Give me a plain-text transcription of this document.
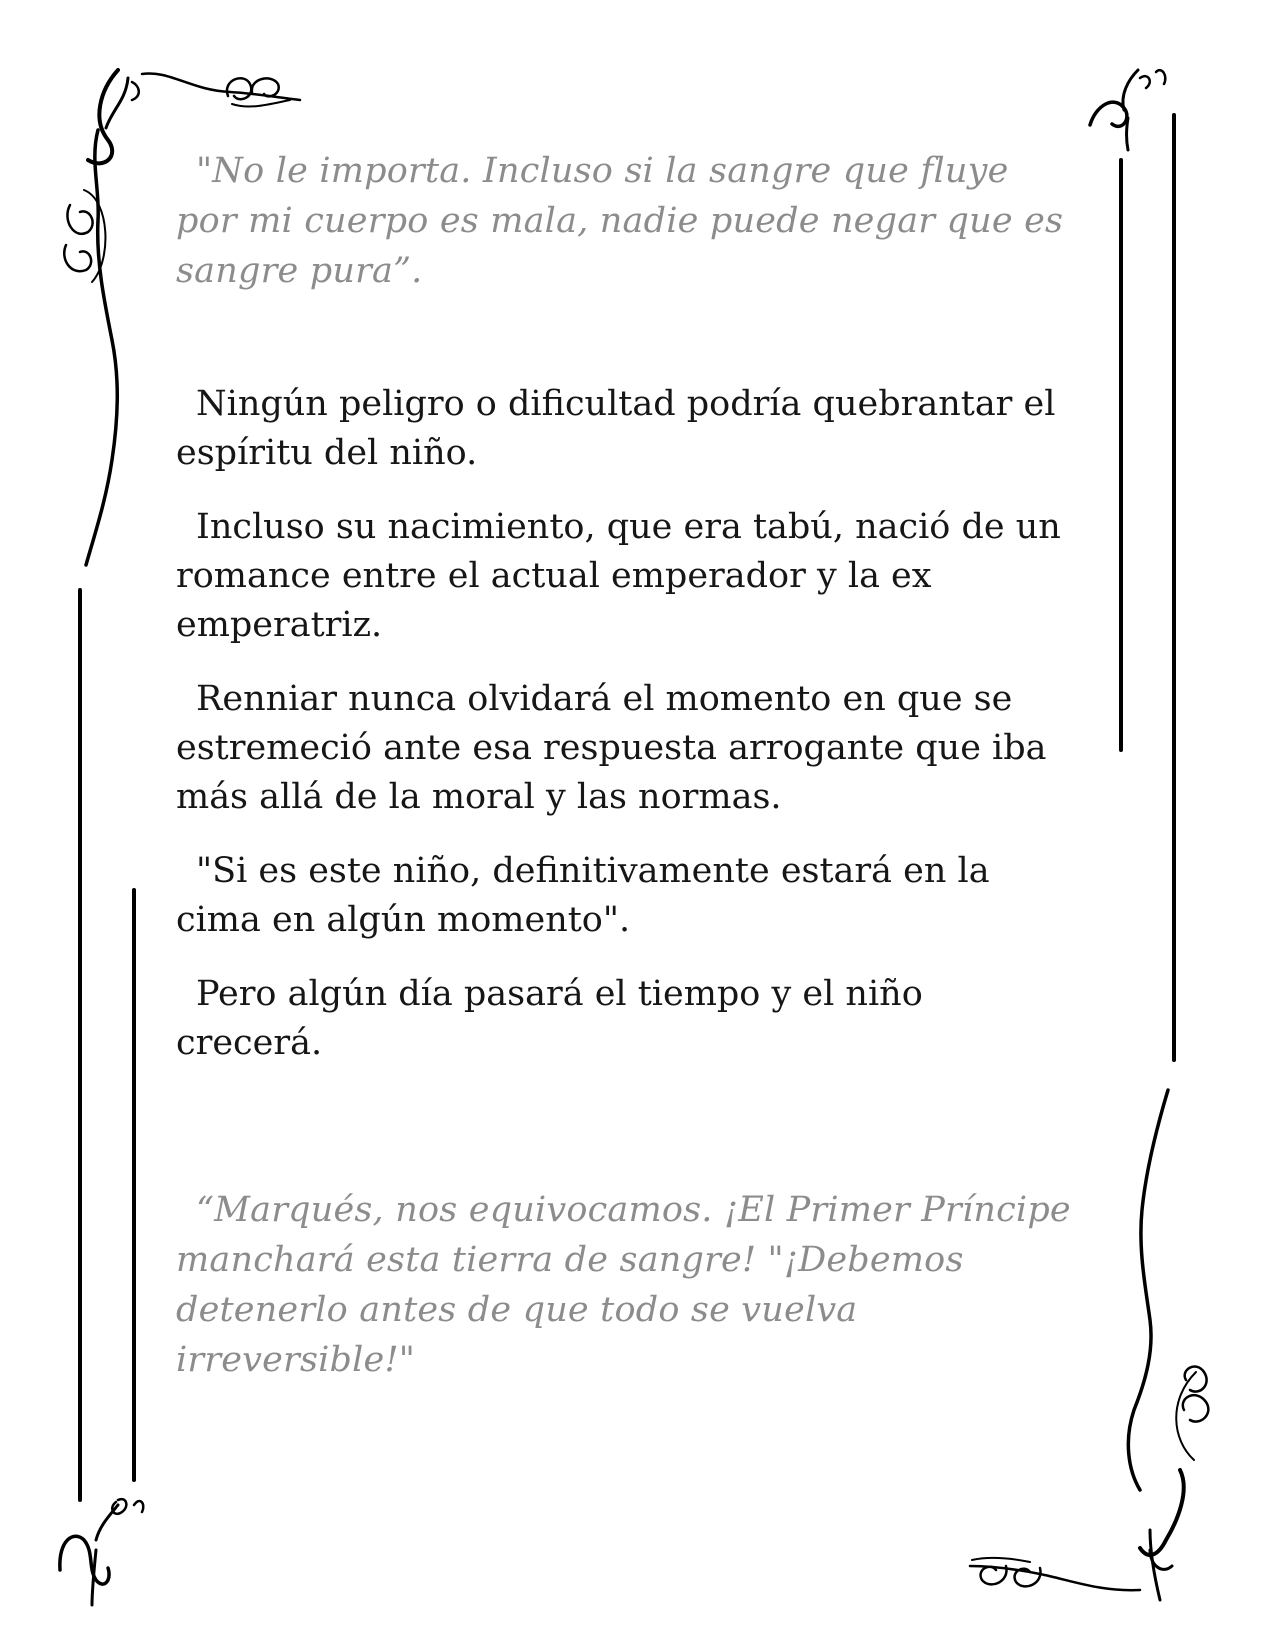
"No le importa. Incluso si la sangre que fluye por mi cuerpo es mala, nadie puede negar que es sangre pura”.

Ningún peligro o dificultad podría quebrantar el espíritu del niño.

Incluso su nacimiento, que era tabú, nació de un romance entre el actual emperador y la ex emperatriz.

Renniar nunca olvidará el momento en que se estremeció ante esa respuesta arrogante que iba más allá de la moral y las normas.

"Si es este niño, definitivamente estará en la cima en algún momento".

Pero algún día pasará el tiempo y el niño crecerá.

“Marqués, nos equivocamos. ¡El Primer Príncipe manchará esta tierra de sangre! "¡Debemos detenerlo antes de que todo se vuelva irreversible!"
